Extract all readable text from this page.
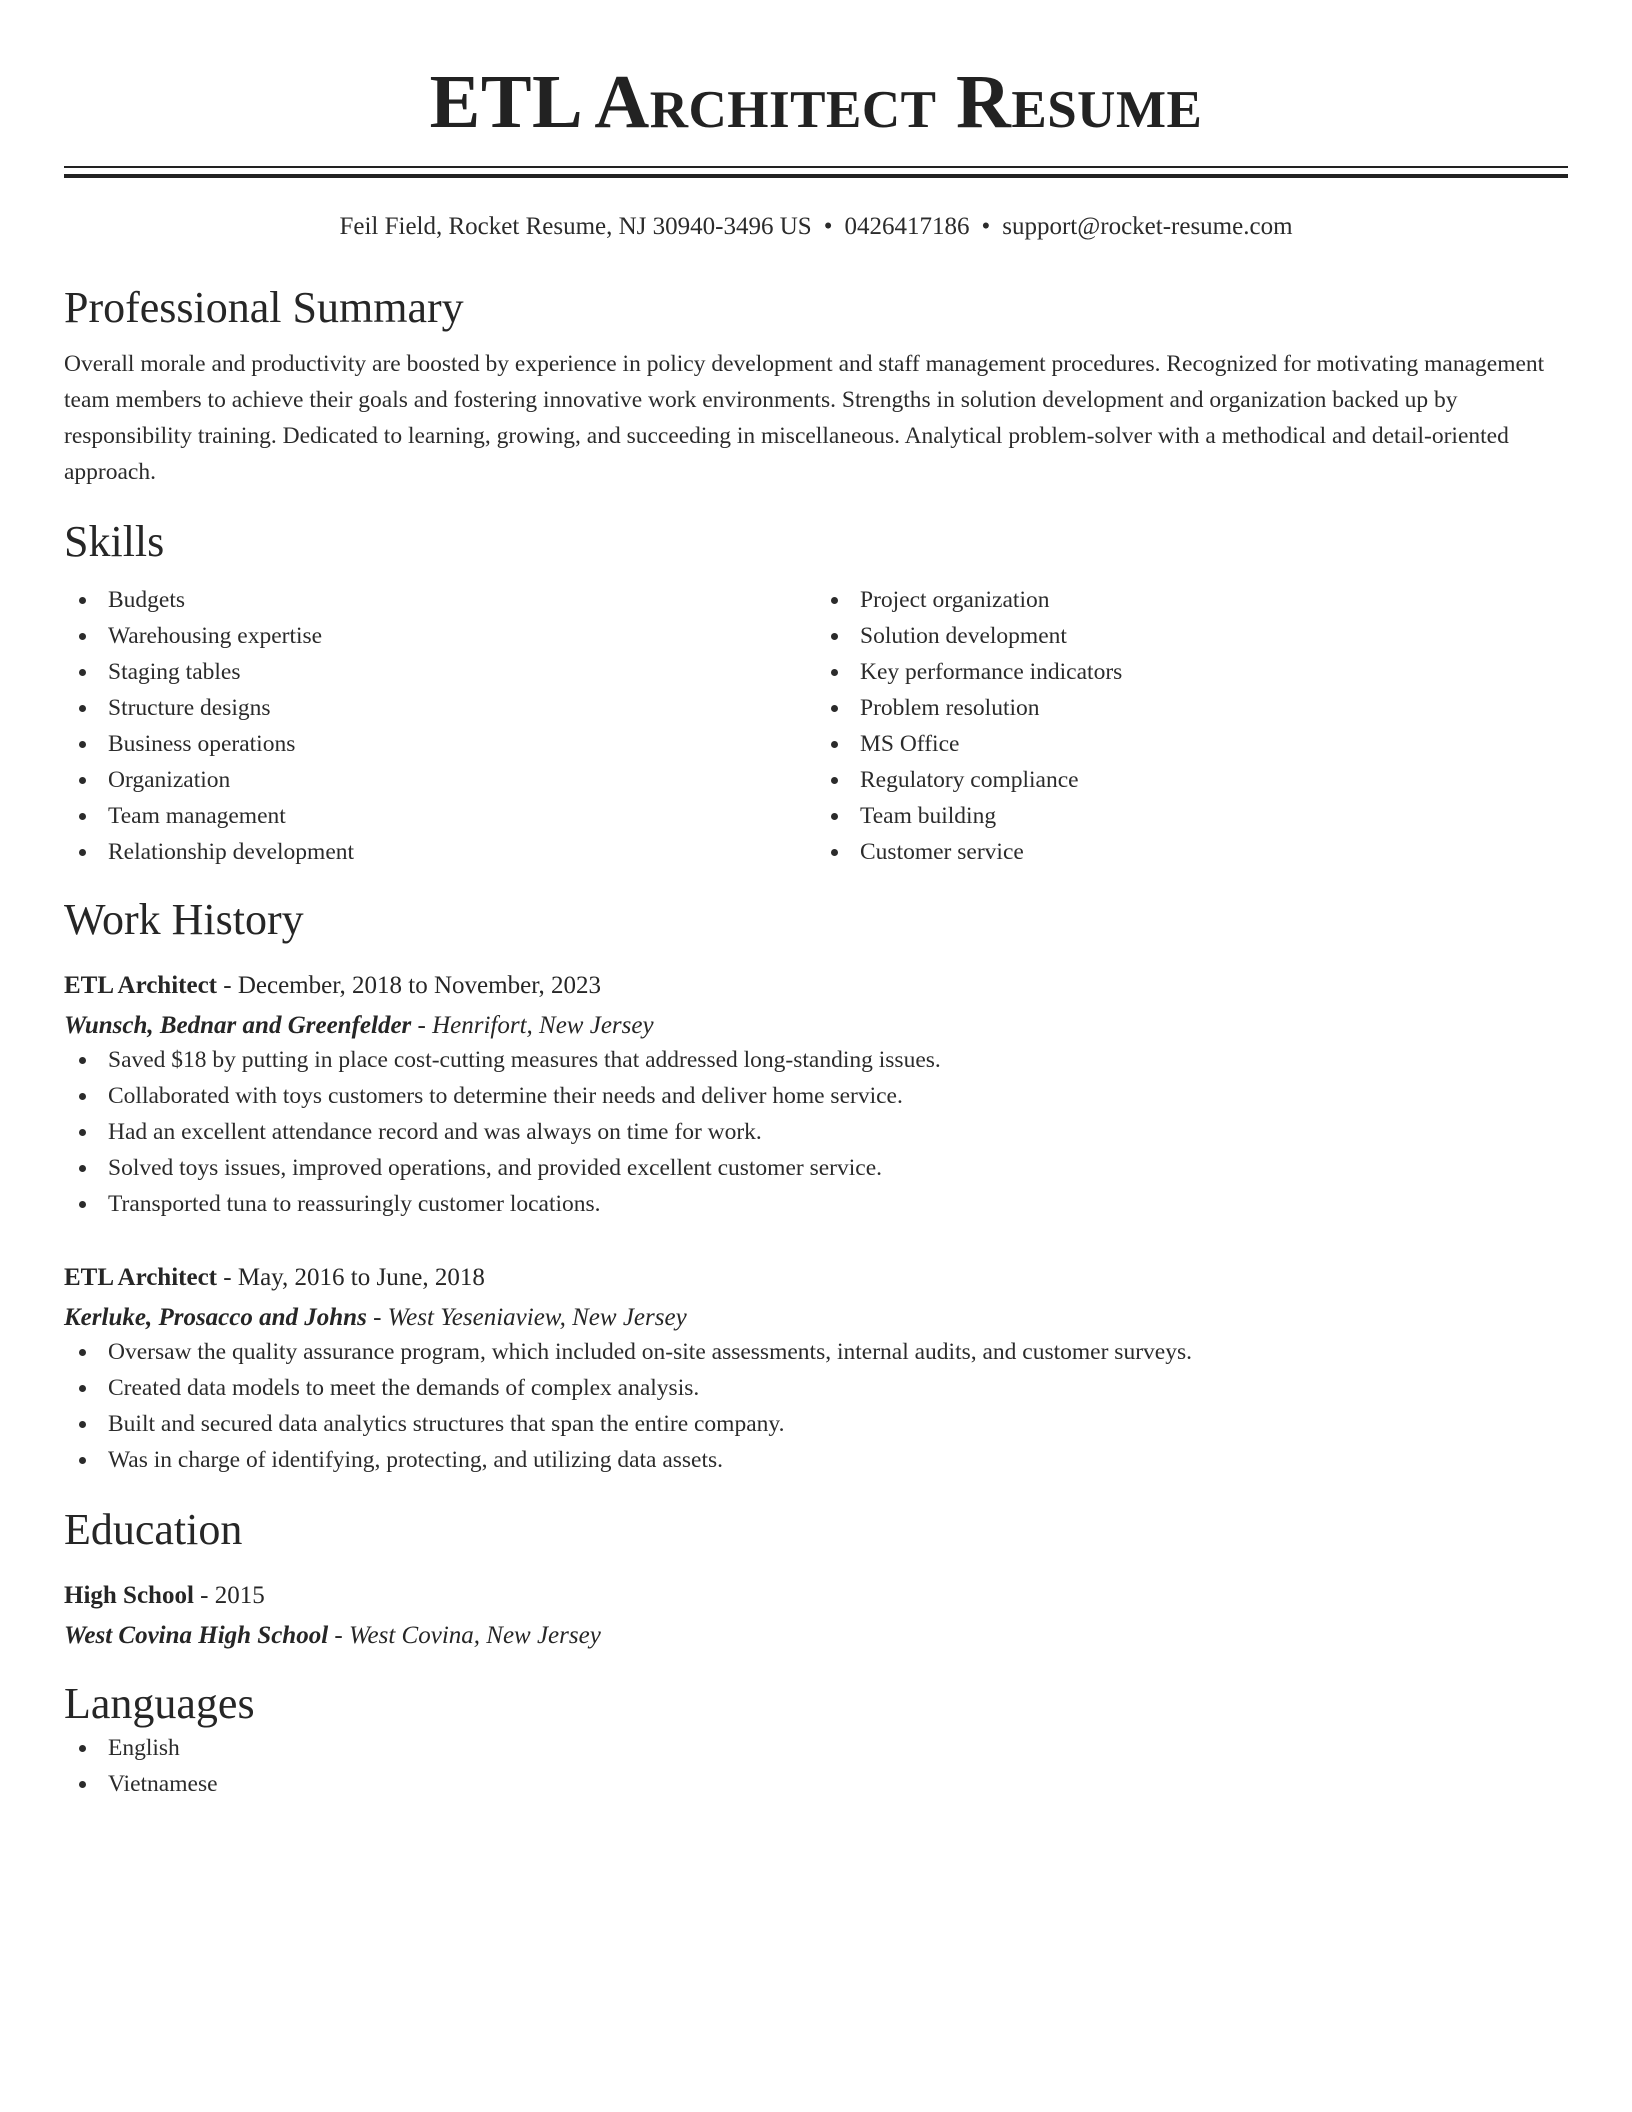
ETL Architect Resume
Feil Field, Rocket Resume, NJ 30940-3496 US • 0426417186 • support@rocket-resume.com
Professional Summary

Overall morale and productivity are boosted by experience in policy development and staff management procedures. Recognized for motivating management team members to achieve their goals and fostering innovative work environments. Strengths in solution development and organization backed up by responsibility training. Dedicated to learning, growing, and succeeding in miscellaneous. Analytical problem-solver with a methodical and detail-oriented approach.

Skills
Budgets
Warehousing expertise
Staging tables
Structure designs
Business operations
Organization
Team management
Relationship development
Project organization
Solution development
Key performance indicators
Problem resolution
MS Office
Regulatory compliance
Team building
Customer service
Work History
ETL Architect - December, 2018 to November, 2023
Wunsch, Bednar and Greenfelder - Henrifort, New Jersey
Saved $18 by putting in place cost-cutting measures that addressed long-standing issues.
Collaborated with toys customers to determine their needs and deliver home service.
Had an excellent attendance record and was always on time for work.
Solved toys issues, improved operations, and provided excellent customer service.
Transported tuna to reassuringly customer locations.
ETL Architect - May, 2016 to June, 2018
Kerluke, Prosacco and Johns - West Yeseniaview, New Jersey
Oversaw the quality assurance program, which included on-site assessments, internal audits, and customer surveys.
Created data models to meet the demands of complex analysis.
Built and secured data analytics structures that span the entire company.
Was in charge of identifying, protecting, and utilizing data assets.
Education
High School - 2015
West Covina High School - West Covina, New Jersey
Languages
English
Vietnamese
